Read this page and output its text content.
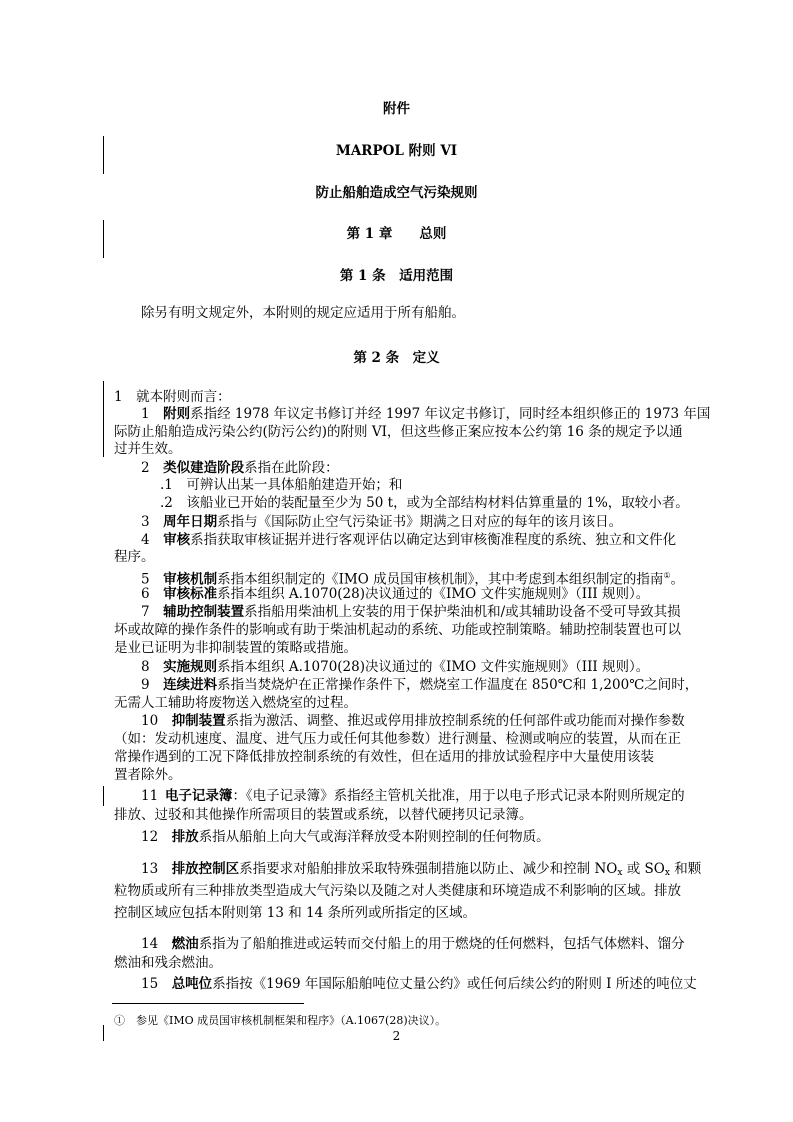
附件
MARPOL 附则 VI
防止船舶造成空气污染规则
第 1 章　　总则
第 1 条　适用范围
除另有明文规定外，本附则的规定应适用于所有船舶。
第 2 条　定义
1　就本附则而言：
1　 附则系指经 1978 年议定书修订并经 1997 年议定书修订，同时经本组织修正的 1973 年国
际防止船舶造成污染公约(防污公约)的附则 VI，但这些修正案应按本公约第 16 条的规定予以通
过并生效。
2　 类似建造阶段系指在此阶段：
.1　可辨认出某一具体船舶建造开始；和
.2　该船业已开始的装配量至少为 50 t，或为全部结构材料估算重量的 1%，取较小者。
3　 周年日期系指与《国际防止空气污染证书》期满之日对应的每年的该月该日。
4　 审核系指获取审核证据并进行客观评估以确定达到审核衡准程度的系统、独立和文件化
程序。
5　 审核机制系指本组织制定的《IMO 成员国审核机制》，其中考虑到本组织制定的指南①。
6　 审核标准系指本组织 A.1070(28)决议通过的《IMO 文件实施规则》（III 规则）。
7　 辅助控制装置系指船用柴油机上安装的用于保护柴油机和/或其辅助设备不受可导致其损
坏或故障的操作条件的影响或有助于柴油机起动的系统、功能或控制策略。辅助控制装置也可以
是业已证明为非抑制装置的策略或措施。
8　 实施规则系指本组织 A.1070(28)决议通过的《IMO 文件实施规则》（III 规则）。
9　 连续进料系指当焚烧炉在正常操作条件下，燃烧室工作温度在 850℃和 1,200℃之间时，
无需人工辅助将废物送入燃烧室的过程。
10　 抑制装置系指为激活、调整、推迟或停用排放控制系统的任何部件或功能而对操作参数
（如：发动机速度、温度、进气压力或任何其他参数）进行测量、检测或响应的装置，从而在正
常操作遇到的工况下降低排放控制系统的有效性，但在适用的排放试验程序中大量使用该装
置者除外。
11  电子记录簿：《电子记录簿》系指经主管机关批准，用于以电子形式记录本附则所规定的
排放、过驳和其他操作所需项目的装置或系统，以替代硬拷贝记录簿。
12　 排放系指从船舶上向大气或海洋释放受本附则控制的任何物质。
13　 排放控制区系指要求对船舶排放采取特殊强制措施以防止、减少和控制 $NO_x$ 或 $SO_x$ 和颗
粒物质或所有三种排放类型造成大气污染以及随之对人类健康和环境造成不利影响的区域。排放
控制区域应包括本附则第 13 和 14 条所列或所指定的区域。
14　 燃油系指为了船舶推进或运转而交付船上的用于燃烧的任何燃料，包括气体燃料、馏分
燃油和残余燃油。
15　 总吨位系指按《1969 年国际船舶吨位丈量公约》或任何后续公约的附则 I 所述的吨位丈
①　参见《IMO 成员国审核机制框架和程序》（A.1067(28)决议）。
2
